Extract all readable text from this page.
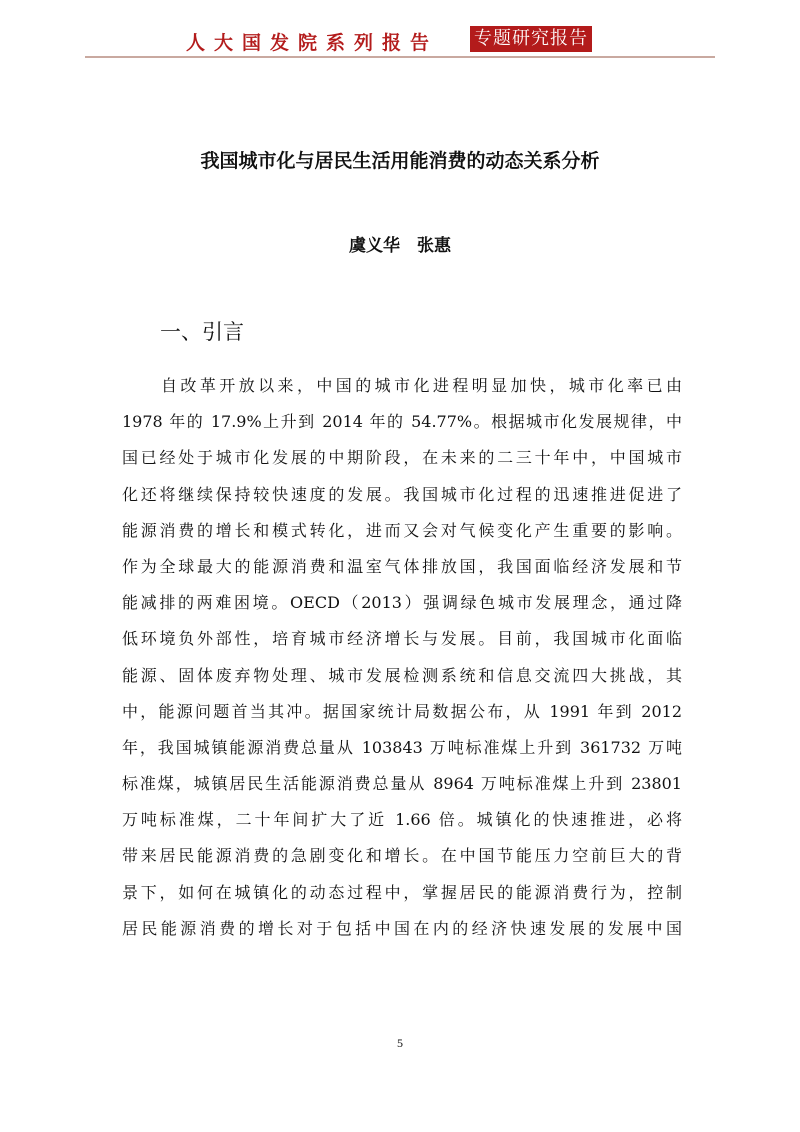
人大国发院系列报告 专题研究报告
我国城市化与居民生活用能消费的动态关系分析
虞义华　张惠
一、引言
自改革开放以来，中国的城市化进程明显加快，城市化率已由
1978 年的 17.9%上升到 2014 年的 54.77%。根据城市化发展规律，中
国已经处于城市化发展的中期阶段，在未来的二三十年中，中国城市
化还将继续保持较快速度的发展。我国城市化过程的迅速推进促进了
能源消费的增长和模式转化，进而又会对气候变化产生重要的影响。
作为全球最大的能源消费和温室气体排放国，我国面临经济发展和节
能减排的两难困境。OECD（2013）强调绿色城市发展理念，通过降
低环境负外部性，培育城市经济增长与发展。目前，我国城市化面临
能源、固体废弃物处理、城市发展检测系统和信息交流四大挑战，其
中，能源问题首当其冲。据国家统计局数据公布，从 1991 年到 2012
年，我国城镇能源消费总量从 103843 万吨标准煤上升到 361732 万吨
标准煤，城镇居民生活能源消费总量从 8964 万吨标准煤上升到 23801
万吨标准煤，二十年间扩大了近 1.66 倍。城镇化的快速推进，必将
带来居民能源消费的急剧变化和增长。在中国节能压力空前巨大的背
景下，如何在城镇化的动态过程中，掌握居民的能源消费行为，控制
居民能源消费的增长对于包括中国在内的经济快速发展的发展中国
5
